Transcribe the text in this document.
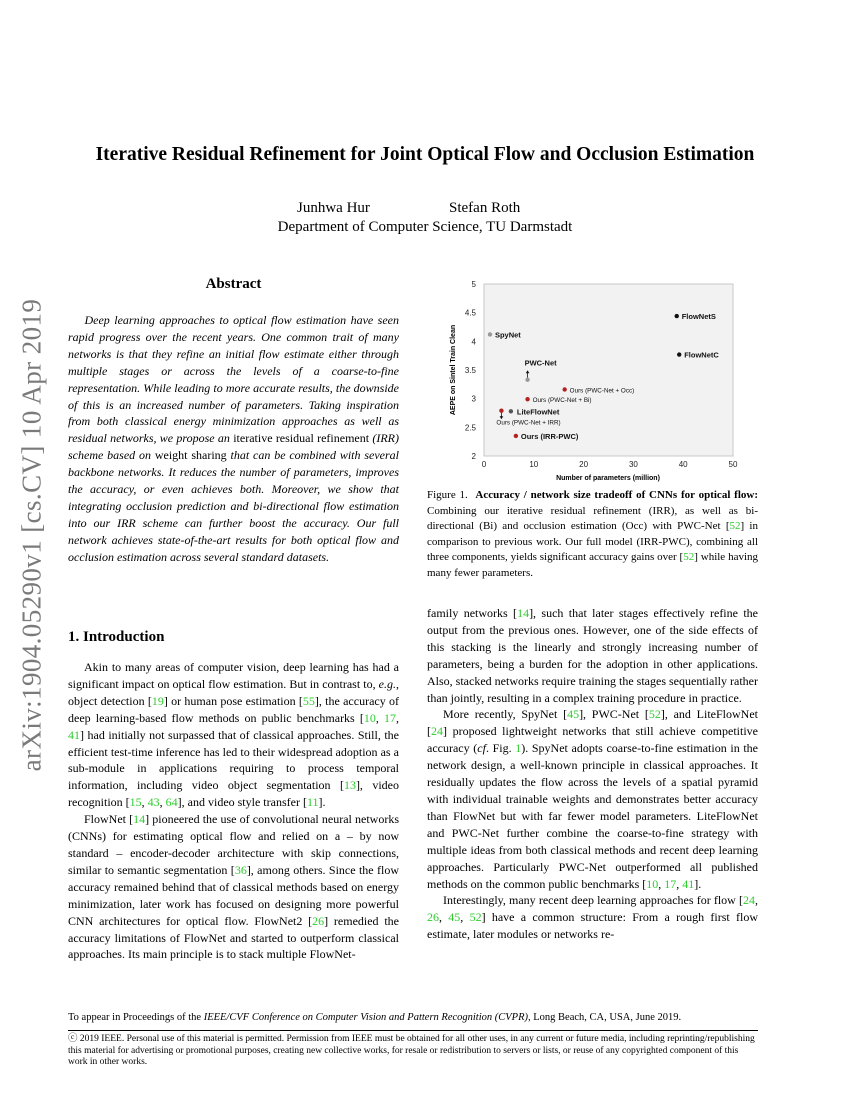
arXiv:1904.05290v1 [cs.CV] 10 Apr 2019
Iterative Residual Refinement for Joint Optical Flow and Occlusion Estimation
Junhwa Hur	Stefan Roth
Department of Computer Science, TU Darmstadt
Abstract
  Deep learning approaches to optical flow estimation have seen rapid progress over the recent years. One common trait of many networks is that they refine an initial flow estimate either through multiple stages or across the levels of a coarse-to-fine representation. While leading to more accurate results, the downside of this is an increased number of parameters. Taking inspiration from both classical energy minimization approaches as well as residual networks, we propose an iterative residual refinement (IRR) scheme based on weight sharing that can be combined with several backbone networks. It reduces the number of parameters, improves the accuracy, or even achieves both. Moreover, we show that integrating occlusion prediction and bi-directional flow estimation into our IRR scheme can further boost the accuracy. Our full network achieves state-of-the-art results for both optical flow and occlusion estimation across several standard datasets.
1. Introduction

Akin to many areas of computer vision, deep learning has had a significant impact on optical flow estimation. But in contrast to, e.g., object detection [19] or human pose estimation [55], the accuracy of deep learning-based flow methods on public benchmarks [10, 17, 41] had initially not surpassed that of classical approaches. Still, the efficient test-time inference has led to their widespread adoption as a sub-module in applications requiring to process temporal information, including video object segmentation [13], video recognition [15, 43, 64], and video style transfer [11].

FlowNet [14] pioneered the use of convolutional neural networks (CNNs) for estimating optical flow and relied on a – by now standard – encoder-decoder architecture with skip connections, similar to semantic segmentation [36], among others. Since the flow accuracy remained behind that of classical methods based on energy minimization, later work has focused on designing more powerful CNN architectures for optical flow. FlowNet2 [26] remedied the accuracy limitations of FlowNet and started to outperform classical approaches. Its main principle is to stack multiple FlowNet-

0	10	20	30	40	50
2
2.5
3
3.5
4
4.5
5
FlowNetS
FlowNetC
SpyNet
PWC-Net
LiteFlowNet
Ours (PWC-Net + Occ)
Ours (PWC-Net + Bi)
Ours (PWC-Net + IRR)
Ours (IRR-PWC)
Number of parameters (million)
AEPE on Sintel Train Clean
Figure 1. Accuracy / network size tradeoff of CNNs for optical flow: Combining our iterative residual refinement (IRR), as well as bi-directional (Bi) and occlusion estimation (Occ) with PWC-Net [52] in comparison to previous work. Our full model (IRR-PWC), combining all three components, yields significant accuracy gains over [52] while having many fewer parameters.

family networks [14], such that later stages effectively refine the output from the previous ones. However, one of the side effects of this stacking is the linearly and strongly increasing number of parameters, being a burden for the adoption in other applications. Also, stacked networks require training the stages sequentially rather than jointly, resulting in a complex training procedure in practice.

More recently, SpyNet [45], PWC-Net [52], and LiteFlowNet [24] proposed lightweight networks that still achieve competitive accuracy (cf. Fig. 1). SpyNet adopts coarse-to-fine estimation in the network design, a well-known principle in classical approaches. It residually updates the flow across the levels of a spatial pyramid with individual trainable weights and demonstrates better accuracy than FlowNet but with far fewer model parameters. LiteFlowNet and PWC-Net further combine the coarse-to-fine strategy with multiple ideas from both classical methods and recent deep learning approaches. Particularly PWC-Net outperformed all published methods on the common public benchmarks [10, 17, 41].

Interestingly, many recent deep learning approaches for flow [24, 26, 45, 52] have a common structure: From a rough first flow estimate, later modules or networks re-

To appear in Proceedings of the IEEE/CVF Conference on Computer Vision and Pattern Recognition (CVPR), Long Beach, CA, USA, June 2019.
ⓒ 2019 IEEE. Personal use of this material is permitted. Permission from IEEE must be obtained for all other uses, in any current or future media, including reprinting/republishing this material for advertising or promotional purposes, creating new collective works, for resale or redistribution to servers or lists, or reuse of any copyrighted component of this work in other works.
